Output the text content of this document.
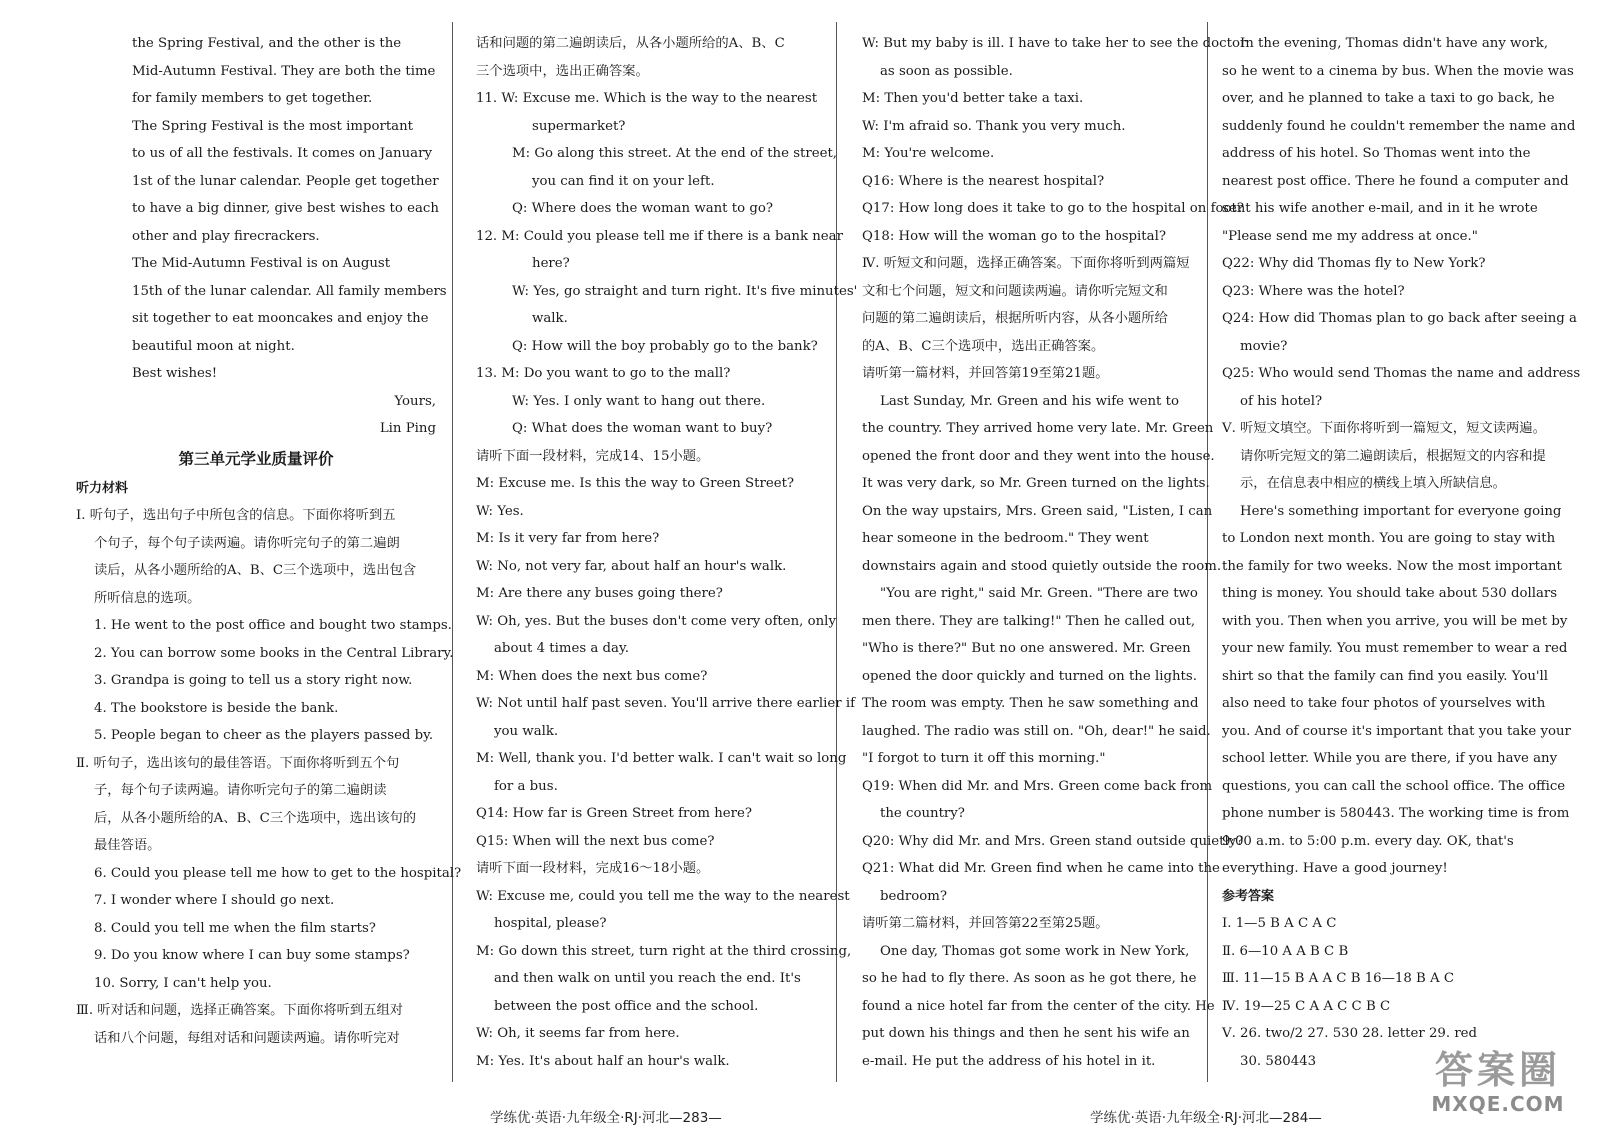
the Spring Festival, and the other is the
Mid-Autumn Festival. They are both the time
for family members to get together.
The Spring Festival is the most important
to us of all the festivals. It comes on January
1st of the lunar calendar. People get together
to have a big dinner, give best wishes to each
other and play firecrackers.
The Mid-Autumn Festival is on August
15th of the lunar calendar. All family members
sit together to eat mooncakes and enjoy the
beautiful moon at night.
Best wishes!
Yours,
Lin Ping
第三单元学业质量评价
听力材料
Ⅰ. 听句子，选出句子中所包含的信息。下面你将听到五
个句子，每个句子读两遍。请你听完句子的第二遍朗
读后，从各小题所给的A、B、C三个选项中，选出包含
所听信息的选项。
1. He went to the post office and bought two stamps.
2. You can borrow some books in the Central Library.
3. Grandpa is going to tell us a story right now.
4. The bookstore is beside the bank.
5. People began to cheer as the players passed by.
Ⅱ. 听句子，选出该句的最佳答语。下面你将听到五个句
子，每个句子读两遍。请你听完句子的第二遍朗读
后，从各小题所给的A、B、C三个选项中，选出该句的
最佳答语。
6. Could you please tell me how to get to the hospital?
7. I wonder where I should go next.
8. Could you tell me when the film starts?
9. Do you know where I can buy some stamps?
10. Sorry, I can't help you.
Ⅲ. 听对话和问题，选择正确答案。下面你将听到五组对
话和八个问题，每组对话和问题读两遍。请你听完对
话和问题的第二遍朗读后，从各小题所给的A、B、C
三个选项中，选出正确答案。
11. W: Excuse me. Which is the way to the nearest
supermarket?
M: Go along this street. At the end of the street,
you can find it on your left.
Q: Where does the woman want to go?
12. M: Could you please tell me if there is a bank near
here?
W: Yes, go straight and turn right. It's five minutes'
walk.
Q: How will the boy probably go to the bank?
13. M: Do you want to go to the mall?
W: Yes. I only want to hang out there.
Q: What does the woman want to buy?
请听下面一段材料，完成14、15小题。
M: Excuse me. Is this the way to Green Street?
W: Yes.
M: Is it very far from here?
W: No, not very far, about half an hour's walk.
M: Are there any buses going there?
W: Oh, yes. But the buses don't come very often, only
about 4 times a day.
M: When does the next bus come?
W: Not until half past seven. You'll arrive there earlier if
you walk.
M: Well, thank you. I'd better walk. I can't wait so long
for a bus.
Q14: How far is Green Street from here?
Q15: When will the next bus come?
请听下面一段材料，完成16～18小题。
W: Excuse me, could you tell me the way to the nearest
hospital, please?
M: Go down this street, turn right at the third crossing,
and then walk on until you reach the end. It's
between the post office and the school.
W: Oh, it seems far from here.
M: Yes. It's about half an hour's walk.
W: But my baby is ill. I have to take her to see the doctor
as soon as possible.
M: Then you'd better take a taxi.
W: I'm afraid so. Thank you very much.
M: You're welcome.
Q16: Where is the nearest hospital?
Q17: How long does it take to go to the hospital on foot?
Q18: How will the woman go to the hospital?
Ⅳ. 听短文和问题，选择正确答案。下面你将听到两篇短
文和七个问题，短文和问题读两遍。请你听完短文和
问题的第二遍朗读后，根据所听内容，从各小题所给
的A、B、C三个选项中，选出正确答案。
请听第一篇材料，并回答第19至第21题。
Last Sunday, Mr. Green and his wife went to
the country. They arrived home very late. Mr. Green
opened the front door and they went into the house.
It was very dark, so Mr. Green turned on the lights.
On the way upstairs, Mrs. Green said, "Listen, I can
hear someone in the bedroom." They went
downstairs again and stood quietly outside the room.
"You are right," said Mr. Green. "There are two
men there. They are talking!" Then he called out,
"Who is there?" But no one answered. Mr. Green
opened the door quickly and turned on the lights.
The room was empty. Then he saw something and
laughed. The radio was still on. "Oh, dear!" he said.
"I forgot to turn it off this morning."
Q19: When did Mr. and Mrs. Green come back from
the country?
Q20: Why did Mr. and Mrs. Green stand outside quietly?
Q21: What did Mr. Green find when he came into the
bedroom?
请听第二篇材料，并回答第22至第25题。
One day, Thomas got some work in New York,
so he had to fly there. As soon as he got there, he
found a nice hotel far from the center of the city. He
put down his things and then he sent his wife an
e-mail. He put the address of his hotel in it.
In the evening, Thomas didn't have any work,
so he went to a cinema by bus. When the movie was
over, and he planned to take a taxi to go back, he
suddenly found he couldn't remember the name and
address of his hotel. So Thomas went into the
nearest post office. There he found a computer and
sent his wife another e-mail, and in it he wrote
"Please send me my address at once."
Q22: Why did Thomas fly to New York?
Q23: Where was the hotel?
Q24: How did Thomas plan to go back after seeing a
movie?
Q25: Who would send Thomas the name and address
of his hotel?
Ⅴ. 听短文填空。下面你将听到一篇短文，短文读两遍。
请你听完短文的第二遍朗读后，根据短文的内容和提
示，在信息表中相应的横线上填入所缺信息。
Here's something important for everyone going
to London next month. You are going to stay with
the family for two weeks. Now the most important
thing is money. You should take about 530 dollars
with you. Then when you arrive, you will be met by
your new family. You must remember to wear a red
shirt so that the family can find you easily. You'll
also need to take four photos of yourselves with
you. And of course it's important that you take your
school letter. While you are there, if you have any
questions, you can call the school office. The office
phone number is 580443. The working time is from
9:00 a.m. to 5:00 p.m. every day. OK, that's
everything. Have a good journey!
参考答案
Ⅰ. 1—5 B A C A C
Ⅱ. 6—10 A A B C B
Ⅲ. 11—15 B A A C B 16—18 B A C
Ⅳ. 19—25 C A A C C B C
Ⅴ. 26. two/2 27. 530 28. letter 29. red
30. 580443
学练优·英语·九年级全·RJ·河北—283—	学练优·英语·九年级全·RJ·河北—284—
答案圈
MXQE.COM
